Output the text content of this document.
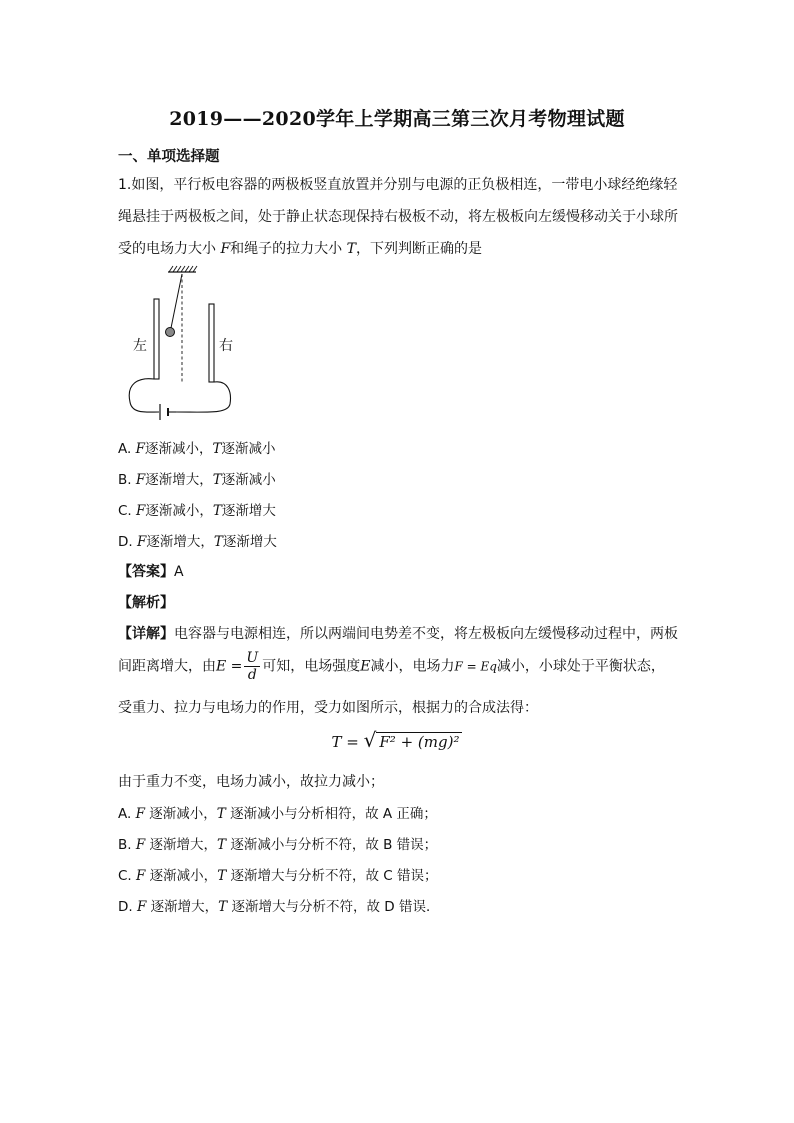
2019——2020学年上学期高三第三次月考物理试题
一、单项选择题
1.如图，平行板电容器的两极板竖直放置并分别与电源的正负极相连，一带电小球经绝缘轻
绳悬挂于两极板之间，处于静止状态现保持右极板不动，将左极板向左缓慢移动关于小球所
受的电场力大小 F和绳子的拉力大小 T，下列判断正确的是
左	右
A. F逐渐减小，T逐渐减小
B. F逐渐增大，T逐渐减小
C. F逐渐减小，T逐渐增大
D. F逐渐增大，T逐渐增大
【答案】A
【解析】
【详解】电容器与电源相连，所以两端间电势差不变，将左极板向左缓慢移动过程中，两板
间距离增大，由$E = \frac{U}{d}$ 可知，电场强度E减小，电场力F = Eq减小，小球处于平衡状态，
受重力、拉力与电场力的作用，受力如图所示，根据力的合成法得：
T = √ F² + (mg)²
由于重力不变，电场力减小，故拉力减小；
A. F 逐渐减小，T 逐渐减小与分析相符，故 A 正确；
B. F 逐渐增大，T 逐渐减小与分析不符，故 B 错误；
C. F 逐渐减小，T 逐渐增大与分析不符，故 C 错误；
D. F 逐渐增大，T 逐渐增大与分析不符，故 D 错误．
